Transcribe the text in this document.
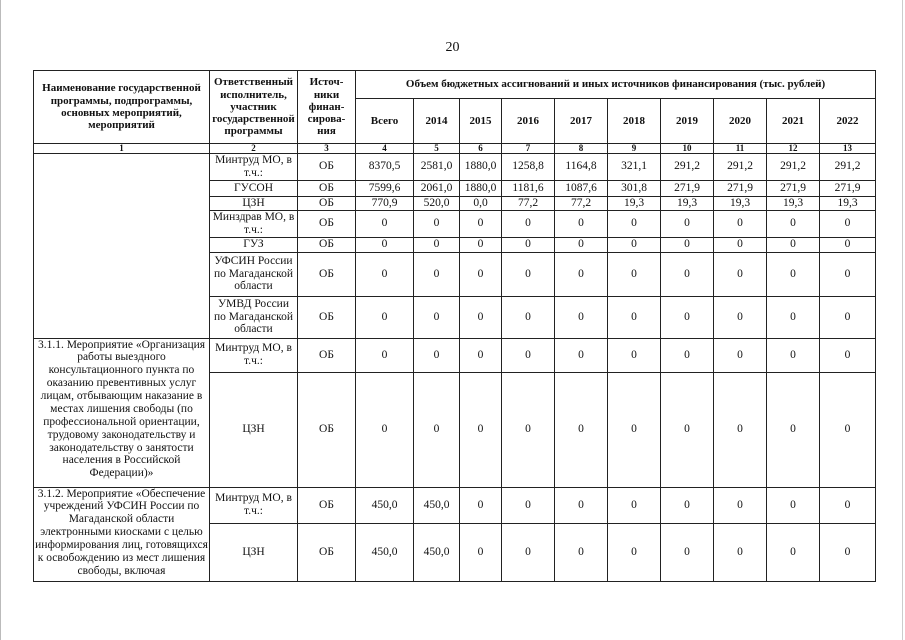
20
Наименование государственной программы, подпрограммы, основных мероприятий, мероприятий	Ответственный исполнитель, участник государственной программы	Источ-ники финан-сирова-ния	Объем бюджетных ассигнований и иных источников финансирования (тыс. рублей)									
			Всего	2014	2015	2016	2017	2018	2019	2020	2021	2022
1	2	3	4	5	6	7	8	9	10	11	12	13
	Минтруд МО, в т.ч.:	ОБ	8370,5	2581,0	1880,0	1258,8	1164,8	321,1	291,2	291,2	291,2	291,2
	ГУСОН	ОБ	7599,6	2061,0	1880,0	1181,6	1087,6	301,8	271,9	271,9	271,9	271,9
	ЦЗН	ОБ	770,9	520,0	0,0	77,2	77,2	19,3	19,3	19,3	19,3	19,3
	Минздрав МО, в т.ч.:	ОБ	0	0	0	0	0	0	0	0	0	0
	ГУЗ	ОБ	0	0	0	0	0	0	0	0	0	0
	УФСИН России по Магаданской области	ОБ	0	0	0	0	0	0	0	0	0	0
	УМВД России по Магаданской области	ОБ	0	0	0	0	0	0	0	0	0	0
3.1.1. Мероприятие «Организация работы выездного консультационного пункта по оказанию превентивных услуг лицам, отбывающим наказание в местах лишения свободы (по профессиональной ориентации, трудовому законодательству и законодательству о занятости населения в Российской Федерации)»	Минтруд МО, в т.ч.:	ОБ	0	0	0	0	0	0	0	0	0	0
	ЦЗН	ОБ	0	0	0	0	0	0	0	0	0	0
3.1.2. Мероприятие «Обеспечение учреждений УФСИН России по Магаданской области электронными киосками с целью информирования лиц, готовящихся к освобождению из мест лишения свободы, включая	Минтруд МО, в т.ч.:	ОБ	450,0	450,0	0	0	0	0	0	0	0	0
	ЦЗН	ОБ	450,0	450,0	0	0	0	0	0	0	0	0
